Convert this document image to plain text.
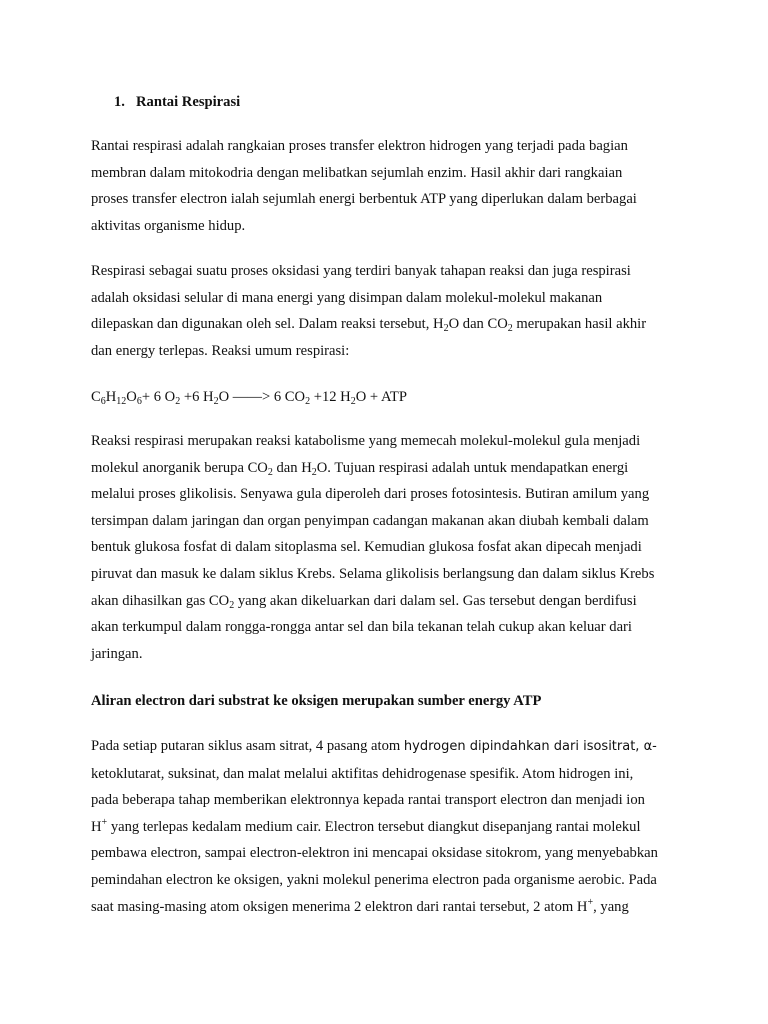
1. Rantai Respirasi

Rantai respirasi adalah rangkaian proses transfer elektron hidrogen yang terjadi pada bagian
membran dalam mitokodria dengan melibatkan sejumlah enzim. Hasil akhir dari rangkaian
proses transfer electron ialah sejumlah energi berbentuk ATP yang diperlukan dalam berbagai
aktivitas organisme hidup.

Respirasi sebagai suatu proses oksidasi yang terdiri banyak tahapan reaksi dan juga respirasi
adalah oksidasi selular di mana energi yang disimpan dalam molekul-molekul makanan
dilepaskan dan digunakan oleh sel. Dalam reaksi tersebut, $H_2O$ dan $CO_2$ merupakan hasil akhir
dan energy terlepas. Reaksi umum respirasi:

$C_6H_{12}O_6+ 6$ $O_2 +6$ $H_2O$ ——> 6 $CO_2 +12$ $H_2O$ + ATP

Reaksi respirasi merupakan reaksi katabolisme yang memecah molekul-molekul gula menjadi
molekul anorganik berupa $CO_2$ dan $H_2O$. Tujuan respirasi adalah untuk mendapatkan energi
melalui proses glikolisis. Senyawa gula diperoleh dari proses fotosintesis. Butiran amilum yang
tersimpan dalam jaringan dan organ penyimpan cadangan makanan akan diubah kembali dalam
bentuk glukosa fosfat di dalam sitoplasma sel. Kemudian glukosa fosfat akan dipecah menjadi
piruvat dan masuk ke dalam siklus Krebs. Selama glikolisis berlangsung dan dalam siklus Krebs
akan dihasilkan gas $CO_2$ yang akan dikeluarkan dari dalam sel. Gas tersebut dengan berdifusi
akan terkumpul dalam rongga-rongga antar sel dan bila tekanan telah cukup akan keluar dari
jaringan.

Aliran electron dari substrat ke oksigen merupakan sumber energy ATP

Pada setiap putaran siklus asam sitrat, 4 pasang atom hydrogen dipindahkan dari isositrat, α-
ketoklutarat, suksinat, dan malat melalui aktifitas dehidrogenase spesifik. Atom hidrogen ini,
pada beberapa tahap memberikan elektronnya kepada rantai transport electron dan menjadi ion
H+ yang terlepas kedalam medium cair. Electron tersebut diangkut disepanjang rantai molekul
pembawa electron, sampai electron-elektron ini mencapai oksidase sitokrom, yang menyebabkan
pemindahan electron ke oksigen, yakni molekul penerima electron pada organisme aerobic. Pada
saat masing-masing atom oksigen menerima 2 elektron dari rantai tersebut, 2 atom H+, yang
